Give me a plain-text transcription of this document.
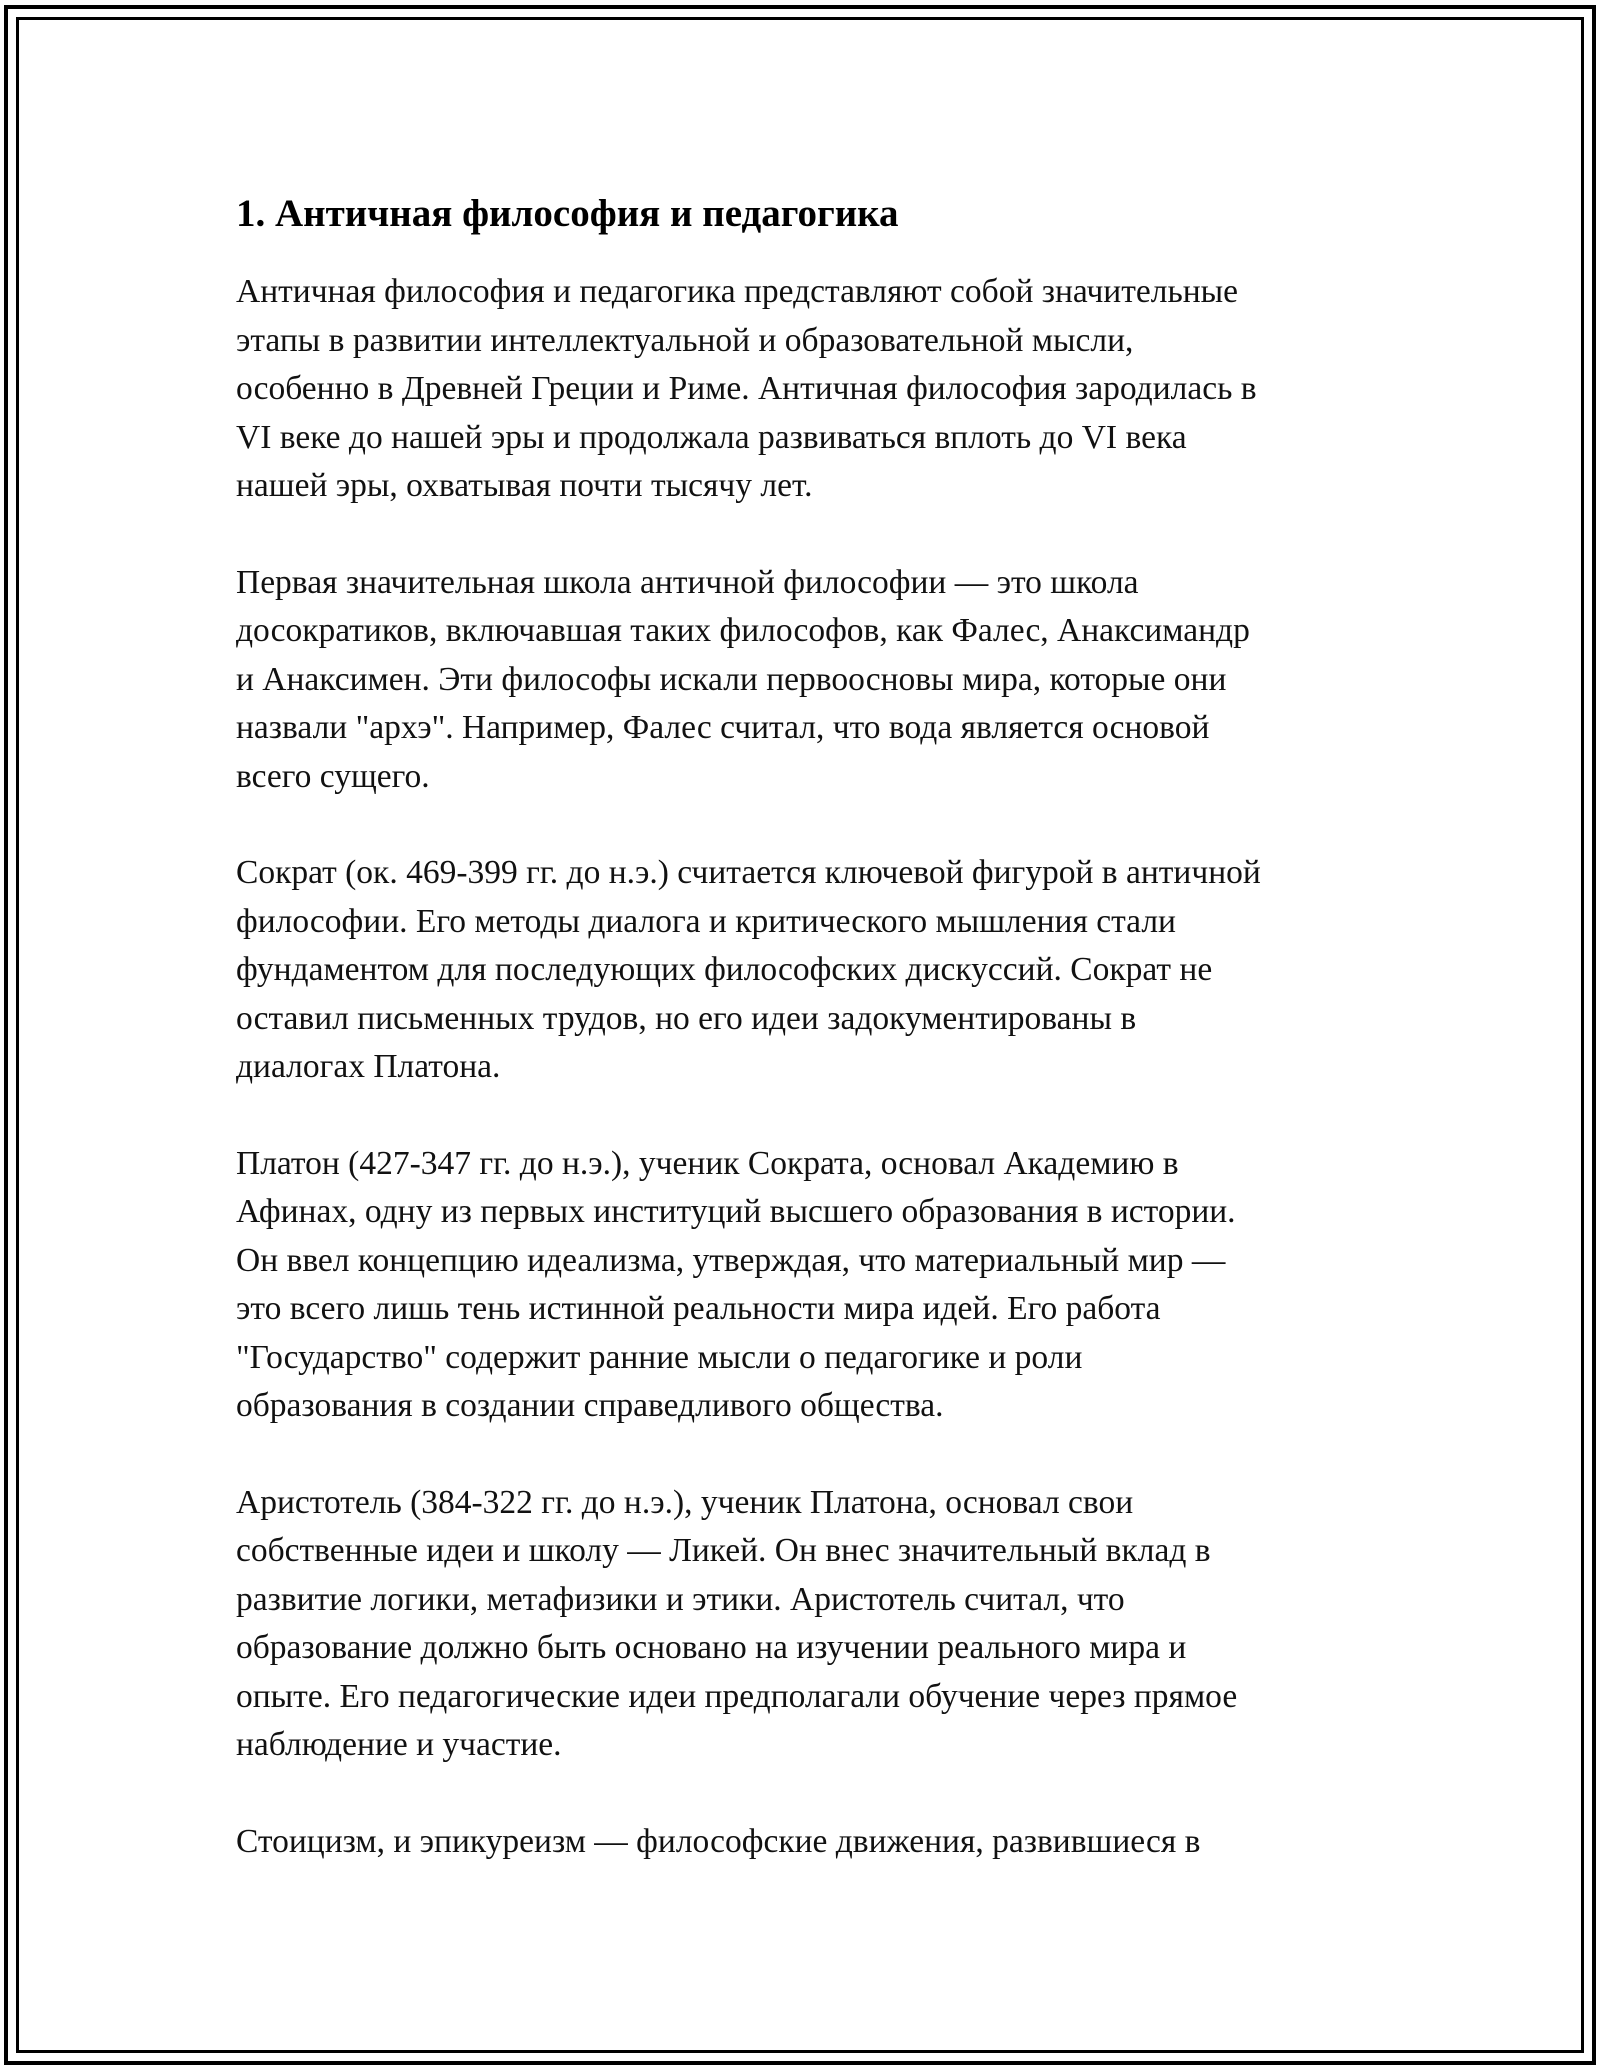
1. Античная философия и педагогика

Античная философия и педагогика представляют собой значительные
этапы в развитии интеллектуальной и образовательной мысли,
особенно в Древней Греции и Риме. Античная философия зародилась в
VI веке до нашей эры и продолжала развиваться вплоть до VI века
нашей эры, охватывая почти тысячу лет.

Первая значительная школа античной философии — это школа
досократиков, включавшая таких философов, как Фалес, Анаксимандр
и Анаксимен. Эти философы искали первоосновы мира, которые они
назвали "архэ". Например, Фалес считал, что вода является основой
всего сущего.

Сократ (ок. 469-399 гг. до н.э.) считается ключевой фигурой в античной
философии. Его методы диалога и критического мышления стали
фундаментом для последующих философских дискуссий. Сократ не
оставил письменных трудов, но его идеи задокументированы в
диалогах Платона.

Платон (427-347 гг. до н.э.), ученик Сократа, основал Академию в
Афинах, одну из первых институций высшего образования в истории.
Он ввел концепцию идеализма, утверждая, что материальный мир —
это всего лишь тень истинной реальности мира идей. Его работа
"Государство" содержит ранние мысли о педагогике и роли
образования в создании справедливого общества.

Аристотель (384-322 гг. до н.э.), ученик Платона, основал свои
собственные идеи и школу — Ликей. Он внес значительный вклад в
развитие логики, метафизики и этики. Аристотель считал, что
образование должно быть основано на изучении реального мира и
опыте. Его педагогические идеи предполагали обучение через прямое
наблюдение и участие.

Стоицизм, и эпикуреизм — философские движения, развившиеся в
